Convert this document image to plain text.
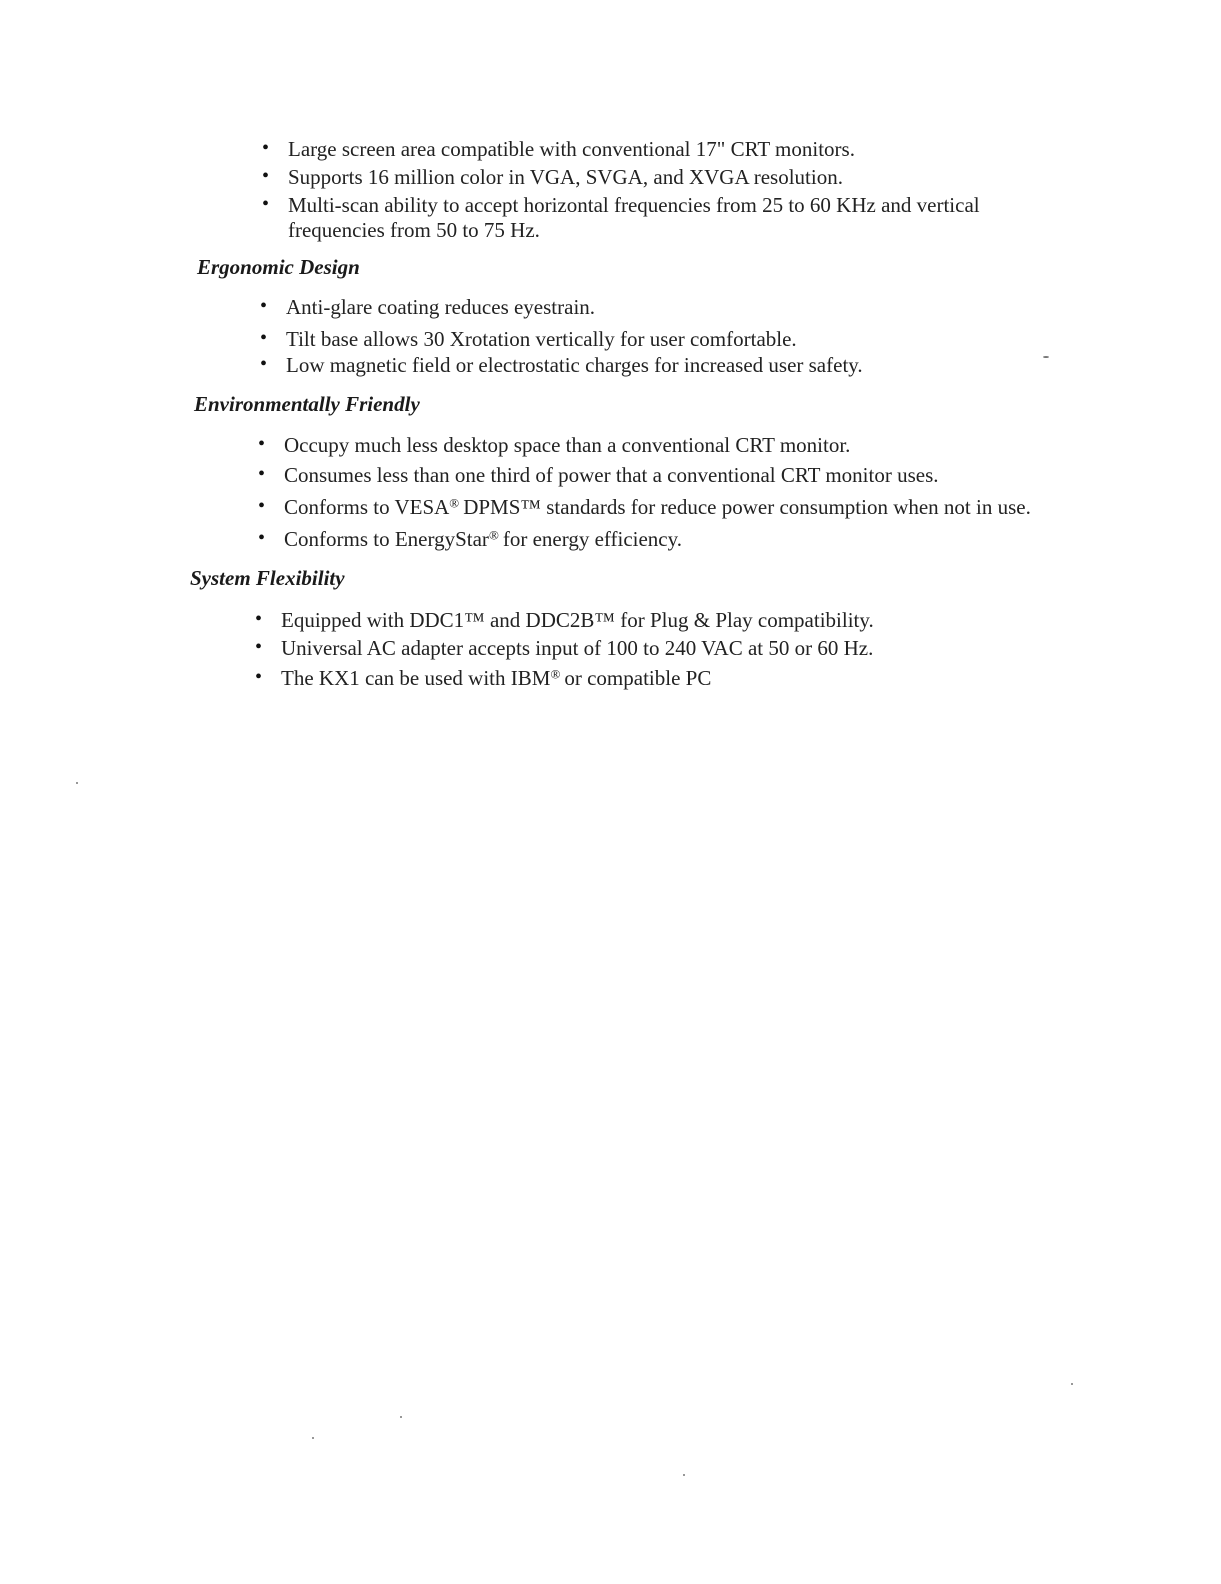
• Large screen area compatible with conventional 17" CRT monitors.
• Supports 16 million color in VGA, SVGA, and XVGA resolution.
• Multi-scan ability to accept horizontal frequencies from 25 to 60 KHz and vertical
frequencies from 50 to 75 Hz.
Ergonomic Design
• Anti-glare coating reduces eyestrain.
• Tilt base allows 30 Xrotation vertically for user comfortable.
• Low magnetic field or electrostatic charges for increased user safety.
Environmentally Friendly
• Occupy much less desktop space than a conventional CRT monitor.
• Consumes less than one third of power that a conventional CRT monitor uses.
• Conforms to VESA® DPMS™ standards for reduce power consumption when not in use.
• Conforms to EnergyStar® for energy efficiency.
System Flexibility
• Equipped with DDC1™ and DDC2B™ for Plug & Play compatibility.
• Universal AC adapter accepts input of 100 to 240 VAC at 50 or 60 Hz.
• The KX1 can be used with IBM® or compatible PC
